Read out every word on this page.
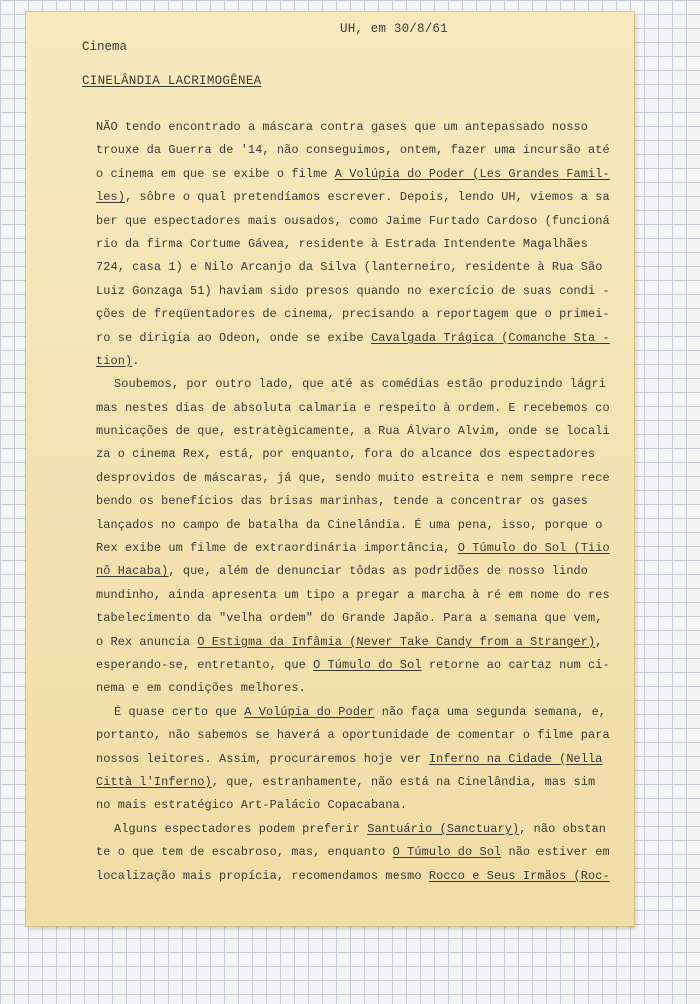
UH, em 30/8/61
Cinema
CINELÂNDIA LACRIMOGÊNEA

NÃO tendo encontrado a máscara contra gases que um antepassado nosso

trouxe da Guerra de '14, não conseguimos, ontem, fazer uma incursão até

o cinema em que se exibe o filme A Volúpia do Poder (Les Grandes Famil-

les), sôbre o qual pretendíamos escrever. Depois, lendo UH, viemos a sa

ber que espectadores mais ousados, como Jaime Furtado Cardoso (funcioná

rio da firma Cortume Gávea, residente à Estrada Intendente Magalhães

724, casa 1) e Nilo Arcanjo da Silva (lanterneiro, residente à Rua São

Luiz Gonzaga 51) haviam sido presos quando no exercício de suas condi -

ções de freqüentadores de cinema, precisando a reportagem que o primei-

ro se dirigia ao Odeon, onde se exibe Cavalgada Trágica (Comanche Sta -

tion).

Soubemos, por outro lado, que até as comédias estão produzindo lágri

mas nestes dias de absoluta calmaria e respeito à ordem. E recebemos co

municações de que, estratègicamente, a Rua Álvaro Alvim, onde se locali

za o cinema Rex, está, por enquanto, fora do alcance dos espectadores

desprovidos de máscaras, já que, sendo muito estreita e nem sempre rece

bendo os benefícios das brisas marinhas, tende a concentrar os gases

lançados no campo de batalha da Cinelândia. É uma pena, isso, porque o

Rex exibe um filme de extraordinária importância, O Túmulo do Sol (Tiio

nô Hacaba), que, além de denunciar tôdas as podridões de nosso lindo

mundinho, ainda apresenta um tipo a pregar a marcha à ré em nome do res

tabelecimento da "velha ordem" do Grande Japão. Para a semana que vem,

o Rex anuncia O Estigma da Infâmia (Never Take Candy from a Stranger),

esperando-se, entretanto, que O Túmulo do Sol retorne ao cartaz num ci-

nema e em condições melhores.

É quase certo que A Volúpia do Poder não faça uma segunda semana, e,

portanto, não sabemos se haverá a oportunidade de comentar o filme para

nossos leitores. Assim, procuraremos hoje ver Inferno na Cidade (Nella

Città l'Inferno), que, estranhamente, não está na Cinelândia, mas sim

no mais estratégico Art-Palácio Copacabana.

Alguns espectadores podem preferir Santuário (Sanctuary), não obstan

te o que tem de escabroso, mas, enquanto O Túmulo do Sol não estiver em

localização mais propícia, recomendamos mesmo Rocco e Seus Irmãos (Roc-
